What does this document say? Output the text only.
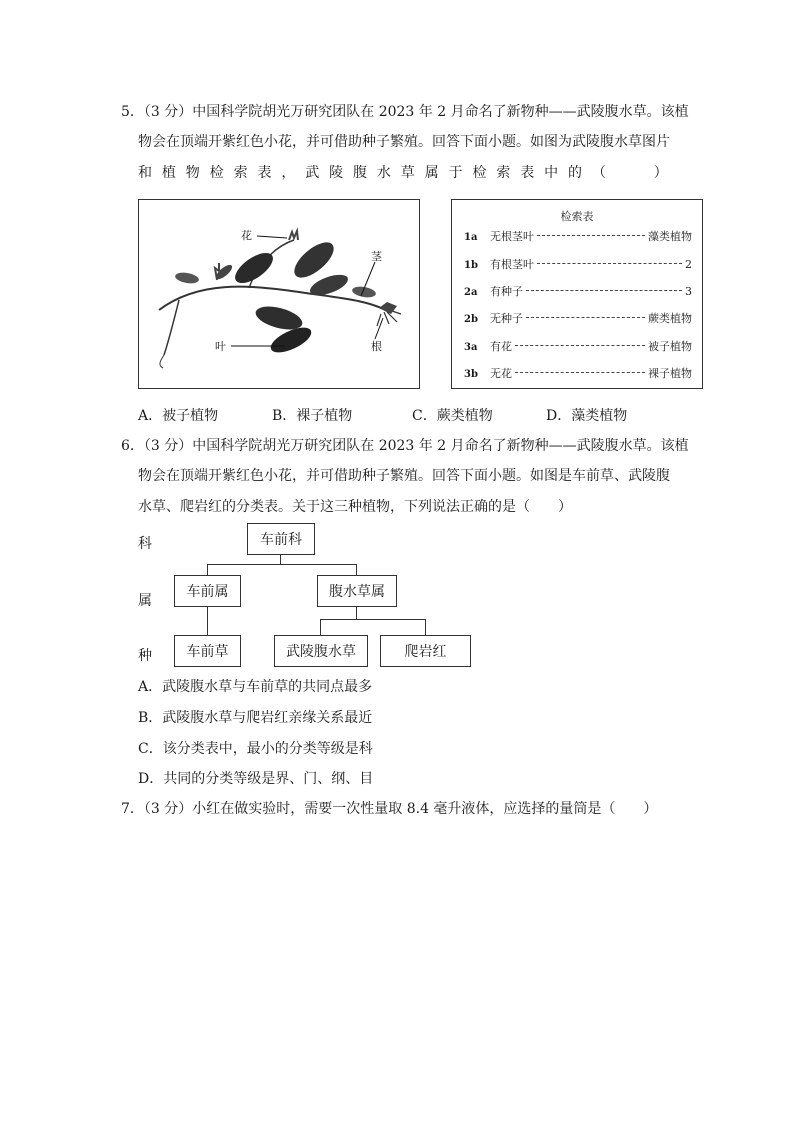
5．（3 分）中国科学院胡光万研究团队在 2023 年 2 月命名了新物种——武陵腹水草。该植
物会在顶端开紫红色小花，并可借助种子繁殖。回答下面小题。如图为武陵腹水草图片
和 植 物 检 索 表 ， 武 陵 腹 水 草 属 于 检 索 表 中 的 （
　　	）
花
茎
叶	根
检索表
1a	无根茎叶	藻类植物
1b	有根茎叶	2
2a	有种子	3
2b	无种子	蕨类植物
3a	有花	被子植物
3b	无花	裸子植物
A．被子植物	B．裸子植物	C．蕨类植物	D．藻类植物
6．（3 分）中国科学院胡光万研究团队在 2023 年 2 月命名了新物种——武陵腹水草。该植
物会在顶端开紫红色小花，并可借助种子繁殖。回答下面小题。如图是车前草、武陵腹
水草、爬岩红的分类表。关于这三种植物，下列说法正确的是（　　）
科
属
种
车前科
车前属	腹水草属
车前草	武陵腹水草	爬岩红
A．武陵腹水草与车前草的共同点最多
B．武陵腹水草与爬岩红亲缘关系最近
C．该分类表中，最小的分类等级是科
D．共同的分类等级是界、门、纲、目
7．（3 分）小红在做实验时，需要一次性量取 8.4 毫升液体，应选择的量筒是（　　）
